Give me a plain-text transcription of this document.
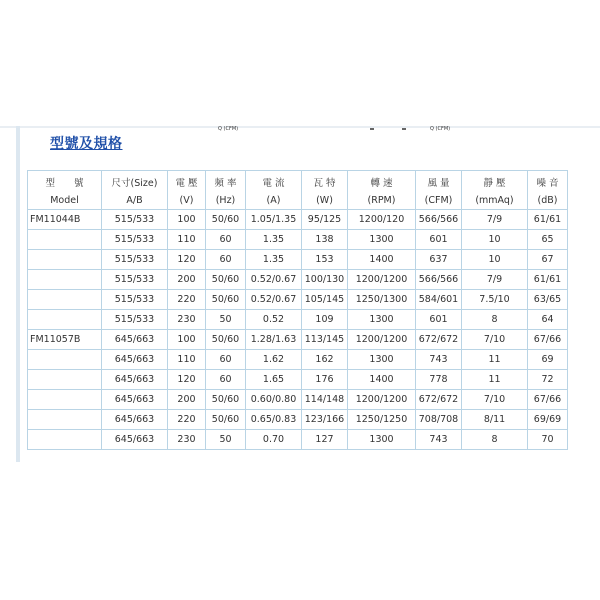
型號及規格
Q (CFM)	Q (CFM)
型　　號	尺寸(Size)	電 壓	頻 率	電 流	瓦 特	轉 速	風 量	靜 壓	噪 音
Model	A/B	(V)	(Hz)	(A)	(W)	(RPM)	(CFM)	(mmAq)	(dB)
FM11044B	515/533	100	50/60	1.05/1.35	95/125	1200/120	566/566	7/9	61/61
	515/533	110	60	1.35	138	1300	601	10	65
	515/533	120	60	1.35	153	1400	637	10	67
	515/533	200	50/60	0.52/0.67	100/130	1200/1200	566/566	7/9	61/61
	515/533	220	50/60	0.52/0.67	105/145	1250/1300	584/601	7.5/10	63/65
	515/533	230	50	0.52	109	1300	601	8	64
FM11057B	645/663	100	50/60	1.28/1.63	113/145	1200/1200	672/672	7/10	67/66
	645/663	110	60	1.62	162	1300	743	11	69
	645/663	120	60	1.65	176	1400	778	11	72
	645/663	200	50/60	0.60/0.80	114/148	1200/1200	672/672	7/10	67/66
	645/663	220	50/60	0.65/0.83	123/166	1250/1250	708/708	8/11	69/69
	645/663	230	50	0.70	127	1300	743	8	70
